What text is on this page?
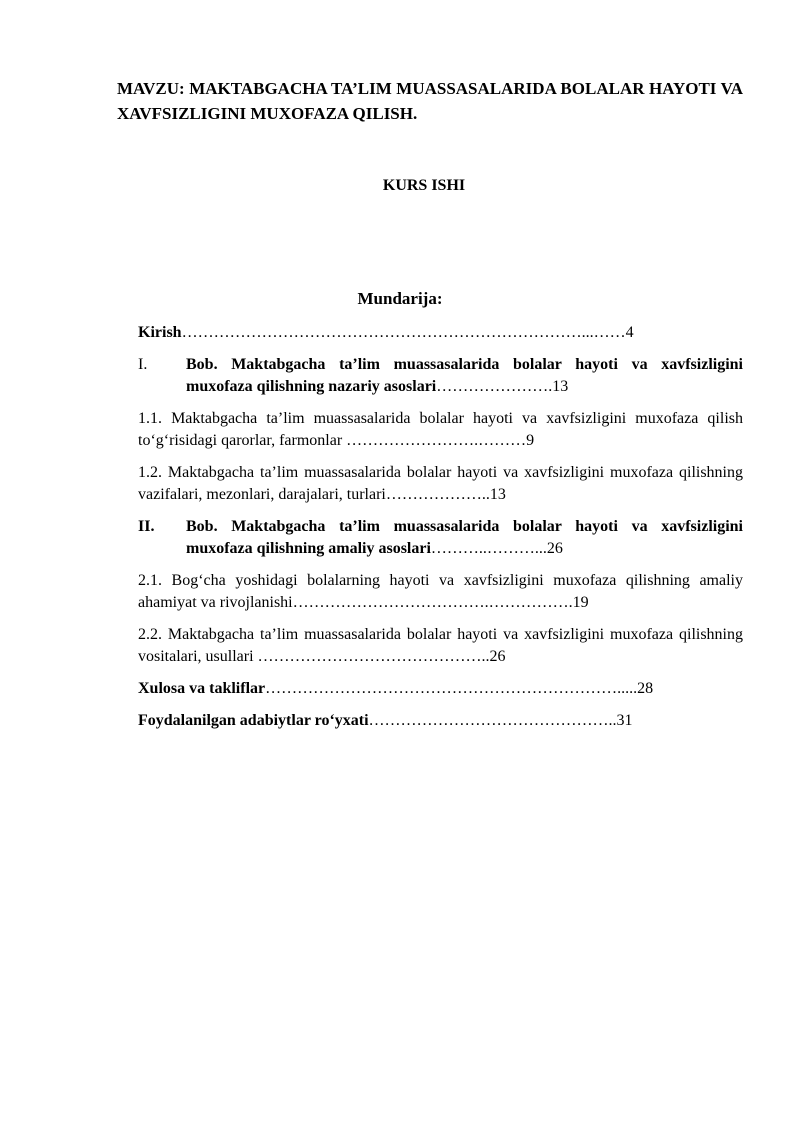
MAVZU: MAKTABGACHA TA’LIM MUASSASALARIDA BOLALAR HAYOTI VA XAVFSIZLIGINI MUXOFAZA QILISH.
KURS ISHI
Mundarija:
Kirish…………………………………………………………………...……4
I.	Bob. Maktabgacha ta’lim muassasalarida bolalar hayoti va xavfsizligini muxofaza qilishning nazariy asoslari………………….13
1.1. Maktabgacha ta’lim muassasalarida bolalar hayoti va xavfsizligini muxofaza qilish to‘g‘risidagi qarorlar, farmonlar …………………….………9
1.2. Maktabgacha ta’lim muassasalarida bolalar hayoti va xavfsizligini muxofaza qilishning vazifalari, mezonlari, darajalari, turlari………………..13
II.	Bob. Maktabgacha ta’lim muassasalarida bolalar hayoti va xavfsizligini muxofaza qilishning amaliy asoslari………..………...26
2.1. Bog‘cha yoshidagi bolalarning hayoti va xavfsizligini muxofaza qilishning amaliy ahamiyat va rivojlanishi……………………………….…………….19
2.2. Maktabgacha ta’lim muassasalarida bolalar hayoti va xavfsizligini muxofaza qilishning vositalari, usullari ……………………………………..26
Xulosa va takliflar………………………………………………………….....28
Foydalanilgan adabiytlar ro‘yxati………………………………………..31
